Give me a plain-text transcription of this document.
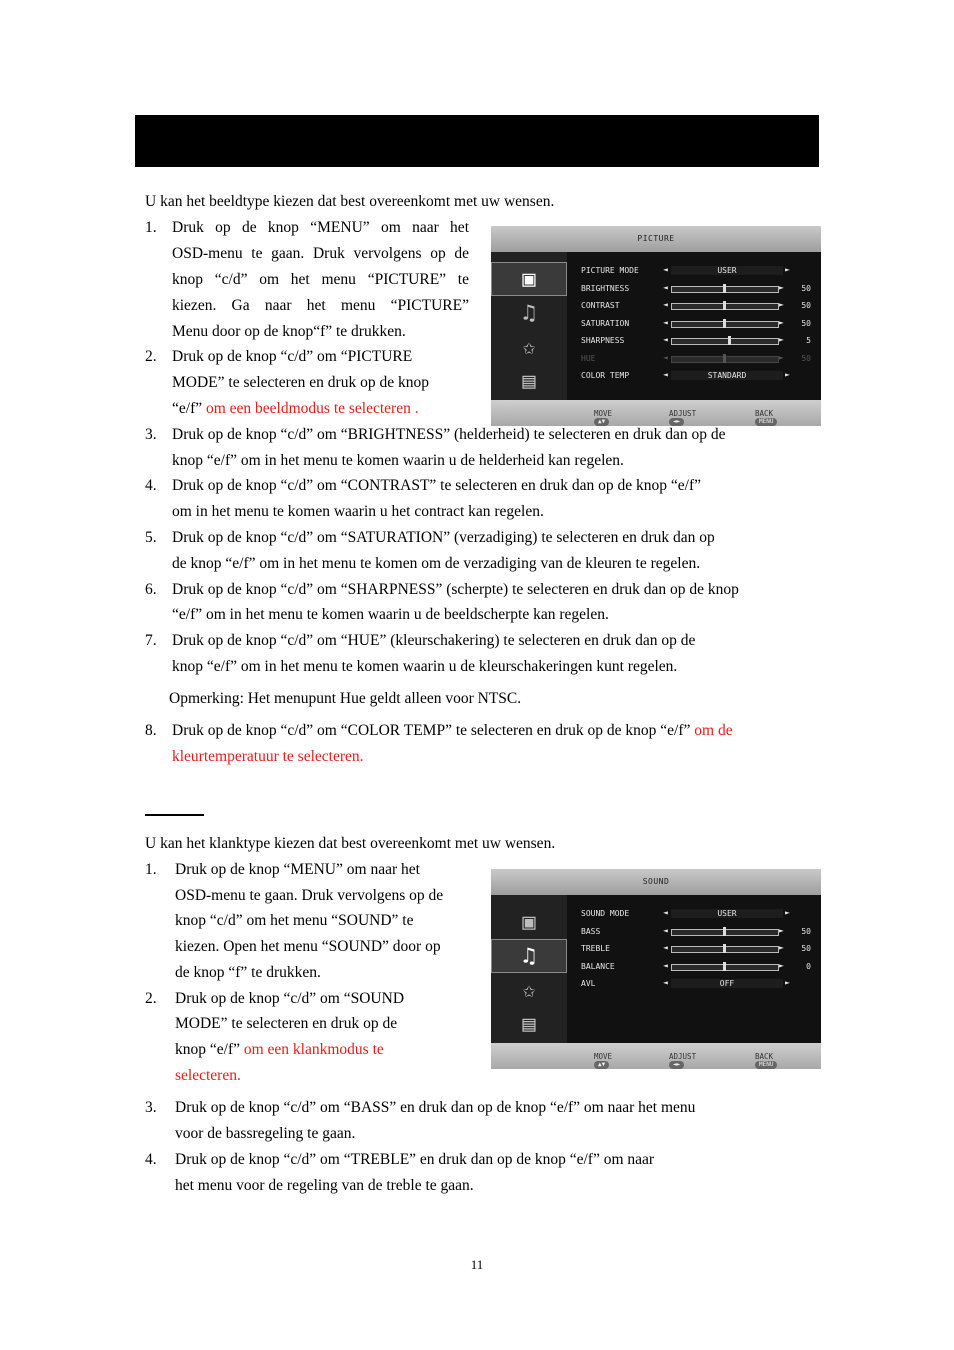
U kan het beeldtype kiezen dat best overeenkomt met uw wensen.
1. Druk op de knop “MENU” om naar het
OSD-menu te gaan. Druk vervolgens op de
knop “c/d” om het menu “PICTURE” te
kiezen. Ga naar het menu “PICTURE”
Menu door op de knop“f” te drukken.
2. Druk op de knop “c/d” om “PICTURE
MODE” te selecteren en druk op de knop
“e/f” om een beeldmodus te selecteren .
3. Druk op de knop “c/d” om “BRIGHTNESS” (helderheid) te selecteren en druk dan op de
knop “e/f” om in het menu te komen waarin u de helderheid kan regelen.
4. Druk op de knop “c/d” om “CONTRAST” te selecteren en druk dan op de knop “e/f”
om in het menu te komen waarin u het contract kan regelen.
5. Druk op de knop “c/d” om “SATURATION” (verzadiging) te selecteren en druk dan op
de knop “e/f” om in het menu te komen om de verzadiging van de kleuren te regelen.
6. Druk op de knop “c/d” om “SHARPNESS” (scherpte) te selecteren en druk dan op de knop
“e/f” om in het menu te komen waarin u de beeldscherpte kan regelen.
7. Druk op de knop “c/d” om “HUE” (kleurschakering) te selecteren en druk dan op de
knop “e/f” om in het menu te komen waarin u de kleurschakeringen kunt regelen.
Opmerking: Het menupunt Hue geldt alleen voor NTSC.
8. Druk op de knop “c/d” om “COLOR TEMP” te selecteren en druk op de knop “e/f” om de
kleurtemperatuur te selecteren.
U kan het klanktype kiezen dat best overeenkomt met uw wensen.
1. Druk op de knop “MENU” om naar het
OSD-menu te gaan. Druk vervolgens op de
knop “c/d” om het menu “SOUND” te
kiezen. Open het menu “SOUND” door op
de knop “f” te drukken.
2. Druk op de knop “c/d” om “SOUND
MODE” te selecteren en druk op de
knop “e/f” om een klankmodus te
selecteren.
3. Druk op de knop “c/d” om “BASS” en druk dan op de knop “e/f” om naar het menu
voor de bassregeling te gaan.
4. Druk op de knop “c/d” om “TREBLE” en druk dan op de knop “e/f” om naar
het menu voor de regeling van de treble te gaan.
11
PICTURE
▣
♫
✩
▤
PICTURE MODE	◄	USER	►
BRIGHTNESS	◄	► 50
CONTRAST	◄	► 50
SATURATION	◄	► 50
SHARPNESS	◄	►	5
HUE	◄	► 50
COLOR TEMP	◄	STANDARD	►
▲▼
MOVE
◄►
ADJUST
MENU
BACK
SOUND
▣
♫
✩
▤
SOUND MODE	◄	USER	►
BASS	◄	► 50
TREBLE	◄	► 50
BALANCE	◄	►	0
AVL	◄	OFF	►
▲▼
MOVE
◄►
ADJUST
MENU
BACK
